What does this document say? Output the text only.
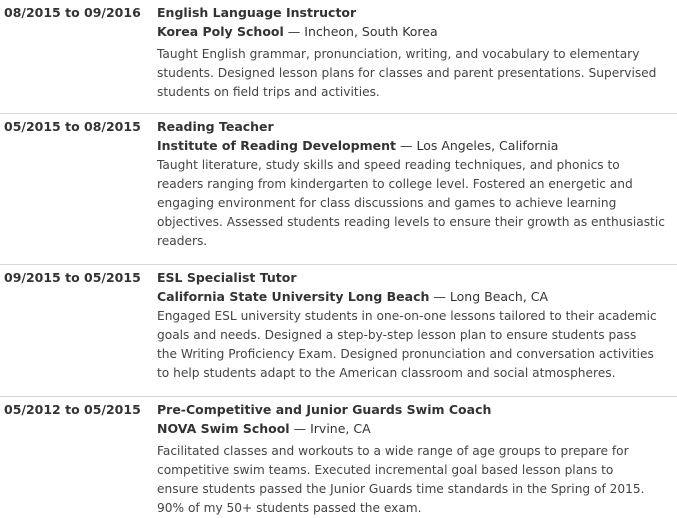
08/2015 to 09/2016 English Language Instructor
Korea Poly School — Incheon, South Korea
Taught English grammar, pronunciation, writing, and vocabulary to elementary
students. Designed lesson plans for classes and parent presentations. Supervised
students on field trips and activities.
05/2015 to 08/2015 Reading Teacher
Institute of Reading Development — Los Angeles, California
Taught literature, study skills and speed reading techniques, and phonics to
readers ranging from kindergarten to college level. Fostered an energetic and
engaging environment for class discussions and games to achieve learning
objectives. Assessed students reading levels to ensure their growth as enthusiastic
readers.
09/2015 to 05/2015 ESL Specialist Tutor
California State University Long Beach — Long Beach, CA
Engaged ESL university students in one-on-one lessons tailored to their academic
goals and needs. Designed a step-by-step lesson plan to ensure students pass
the Writing Proficiency Exam. Designed pronunciation and conversation activities
to help students adapt to the American classroom and social atmospheres.
05/2012 to 05/2015 Pre-Competitive and Junior Guards Swim Coach
NOVA Swim School — Irvine, CA
Facilitated classes and workouts to a wide range of age groups to prepare for
competitive swim teams. Executed incremental goal based lesson plans to
ensure students passed the Junior Guards time standards in the Spring of 2015.
90% of my 50+ students passed the exam.
